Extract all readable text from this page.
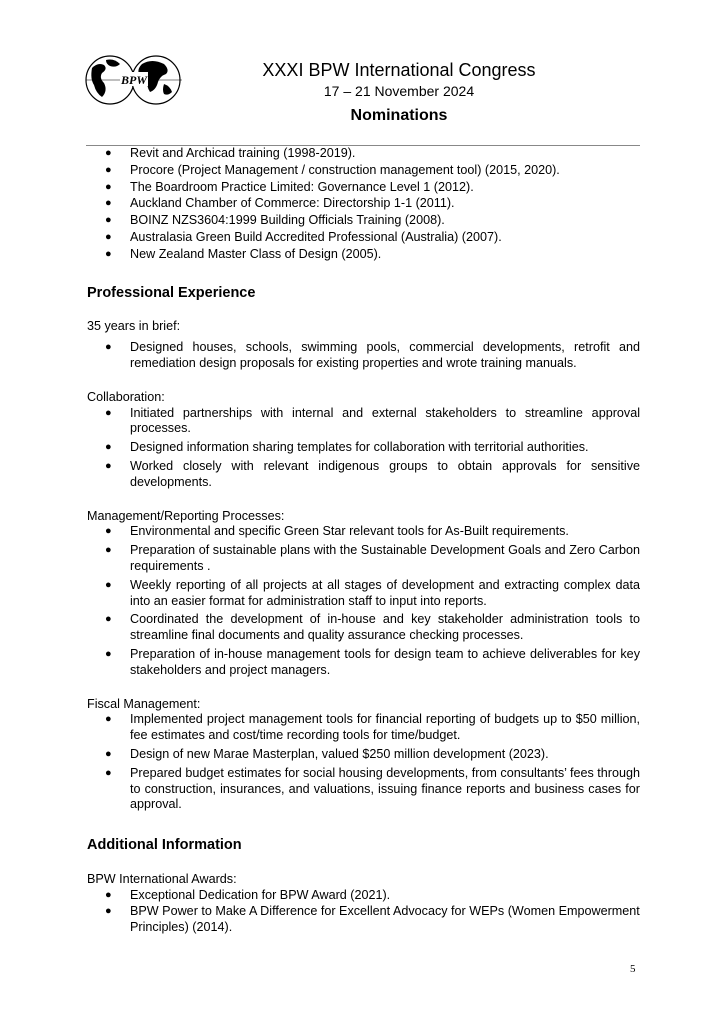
BPW	XXXI BPW International Congress
17 – 21 November 2024
Nominations
● Revit and Archicad training (1998-2019).
● Procore (Project Management / construction management tool) (2015, 2020).
● The Boardroom Practice Limited: Governance Level 1 (2012).
● Auckland Chamber of Commerce: Directorship 1-1 (2011).
● BOINZ NZS3604:1999 Building Officials Training (2008).
● Australasia Green Build Accredited Professional (Australia) (2007).
● New Zealand Master Class of Design (2005).

Professional Experience

35 years in brief:

● Designed houses, schools, swimming pools, commercial developments, retrofit and remediation design proposals for existing properties and wrote training manuals.

Collaboration:

● Initiated partnerships with internal and external stakeholders to streamline approval processes.
● Designed information sharing templates for collaboration with territorial authorities.
● Worked closely with relevant indigenous groups to obtain approvals for sensitive developments.

Management/Reporting Processes:

● Environmental and specific Green Star relevant tools for As-Built requirements.
● Preparation of sustainable plans with the Sustainable Development Goals and Zero Carbon requirements .
● Weekly reporting of all projects at all stages of development and extracting complex data into an easier format for administration staff to input into reports.
● Coordinated the development of in-house and key stakeholder administration tools to streamline final documents and quality assurance checking processes.
● Preparation of in-house management tools for design team to achieve deliverables for key stakeholders and project managers.

Fiscal Management:

● Implemented project management tools for financial reporting of budgets up to $50 million, fee estimates and cost/time recording tools for time/budget.
● Design of new Marae Masterplan, valued $250 million development (2023).
● Prepared budget estimates for social housing developments, from consultants’ fees through to construction, insurances, and valuations, issuing finance reports and business cases for approval.

Additional Information

BPW International Awards:

● Exceptional Dedication for BPW Award (2021).
● BPW Power to Make A Difference for Excellent Advocacy for WEPs (Women Empowerment Principles) (2014).
5
